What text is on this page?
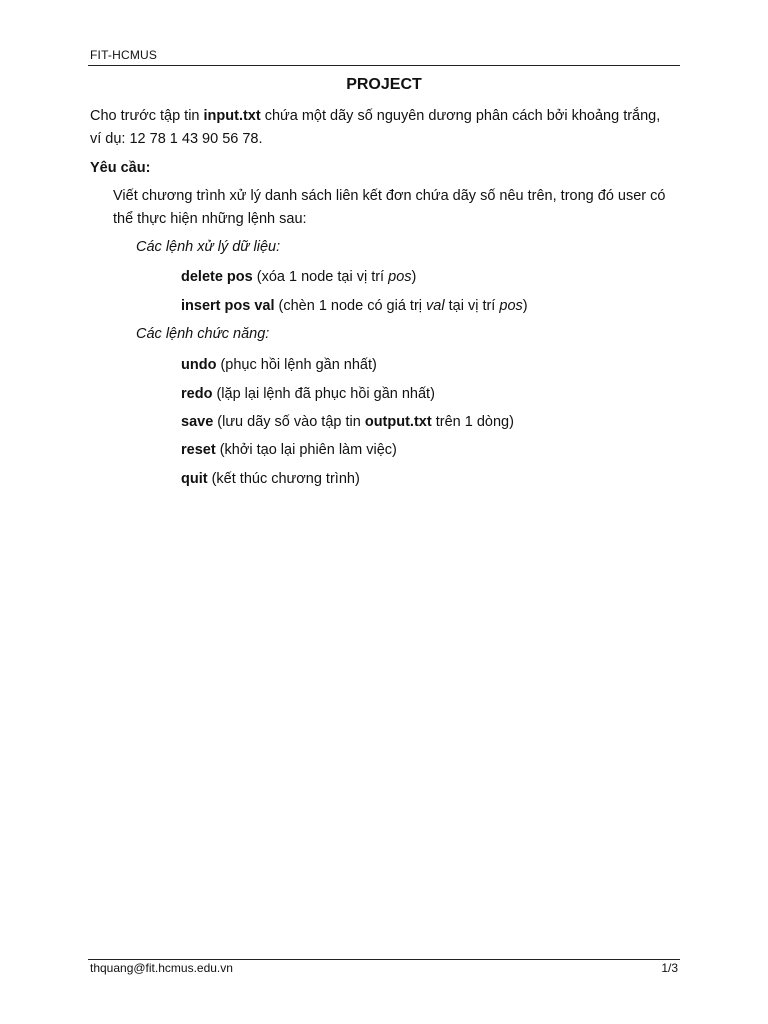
FIT-HCMUS
PROJECT
Cho trước tập tin input.txt chứa một dãy số nguyên dương phân cách bởi khoảng trắng,
ví dụ: 12 78 1 43 90 56 78.
Yêu cầu:
Viết chương trình xử lý danh sách liên kết đơn chứa dãy số nêu trên, trong đó user có
thể thực hiện những lệnh sau:
Các lệnh xử lý dữ liệu:
delete pos (xóa 1 node tại vị trí pos)
insert pos val (chèn 1 node có giá trị val tại vị trí pos)
Các lệnh chức năng:
undo (phục hồi lệnh gần nhất)
redo (lặp lại lệnh đã phục hồi gần nhất)
save (lưu dãy số vào tập tin output.txt trên 1 dòng)
reset (khởi tạo lại phiên làm việc)
quit (kết thúc chương trình)
thquang@fit.hcmus.edu.vn	1/3
